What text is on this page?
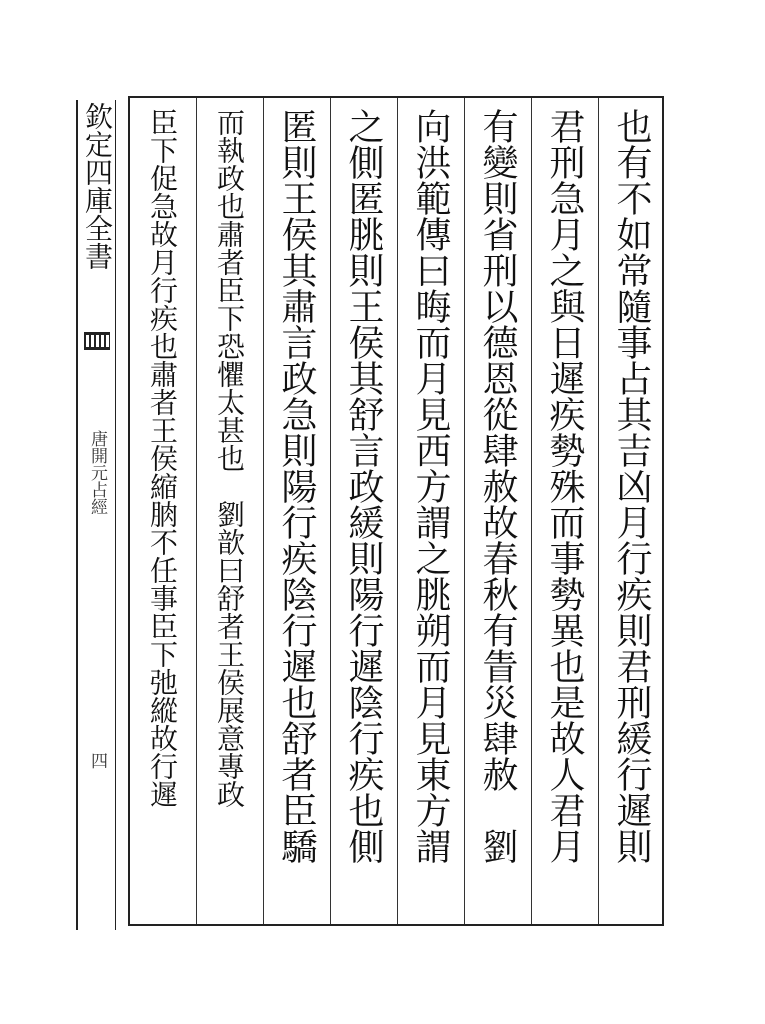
欽定四庫全書
唐開元占經
四	也有不如常隨事占其吉凶月行疾則君刑緩行遲則
君刑急月之與日遲疾勢殊而事勢異也是故人君月
有變則省刑以德恩從肆赦故春秋有眚災肆赦　劉
向洪範傳曰晦而月見西方謂之朓朔而月見東方謂
之側匿朓則王侯其舒言政緩則陽行遲陰行疾也側
匿則王侯其肅言政急則陽行疾陰行遲也舒者臣驕
而執政也肅者臣下恐懼太甚也　劉歆曰舒者王侯展意專政
臣下促急故月行疾也肅者王侯縮朒不任事臣下弛縱故行遲
